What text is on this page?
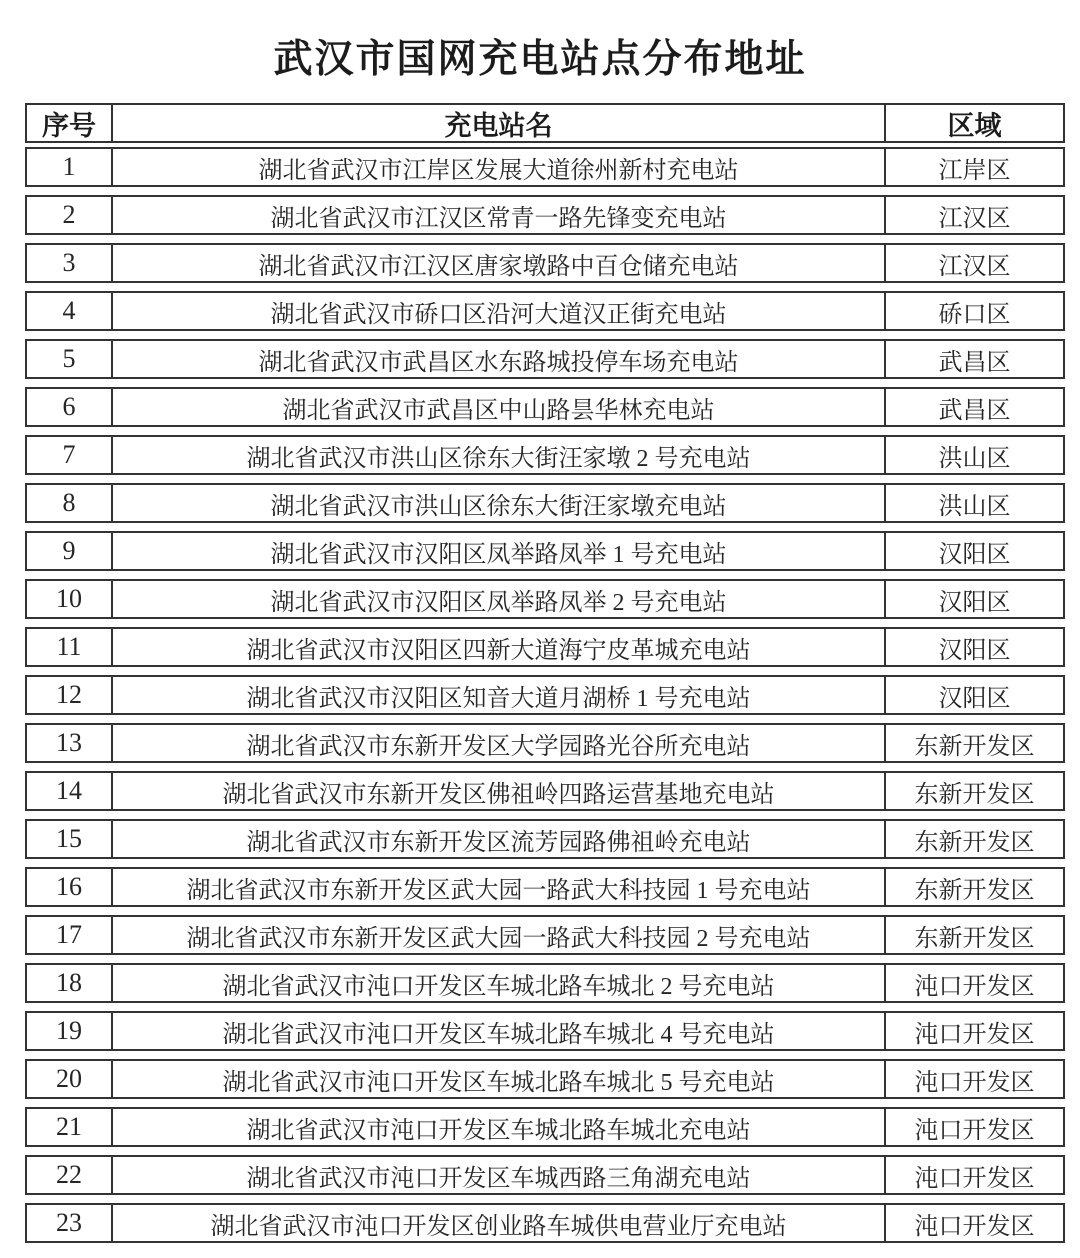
武汉市国网充电站点分布地址
序号	充电站名	区域
1	湖北省武汉市江岸区发展大道徐州新村充电站	江岸区
2	湖北省武汉市江汉区常青一路先锋变充电站	江汉区
3	湖北省武汉市江汉区唐家墩路中百仓储充电站	江汉区
4	湖北省武汉市硚口区沿河大道汉正街充电站	硚口区
5	湖北省武汉市武昌区水东路城投停车场充电站	武昌区
6	湖北省武汉市武昌区中山路昙华林充电站	武昌区
7	湖北省武汉市洪山区徐东大街汪家墩 2 号充电站	洪山区
8	湖北省武汉市洪山区徐东大街汪家墩充电站	洪山区
9	湖北省武汉市汉阳区凤举路凤举 1 号充电站	汉阳区
10	湖北省武汉市汉阳区凤举路凤举 2 号充电站	汉阳区
11	湖北省武汉市汉阳区四新大道海宁皮革城充电站	汉阳区
12	湖北省武汉市汉阳区知音大道月湖桥 1 号充电站	汉阳区
13	湖北省武汉市东新开发区大学园路光谷所充电站	东新开发区
14	湖北省武汉市东新开发区佛祖岭四路运营基地充电站	东新开发区
15	湖北省武汉市东新开发区流芳园路佛祖岭充电站	东新开发区
16	湖北省武汉市东新开发区武大园一路武大科技园 1 号充电站	东新开发区
17	湖北省武汉市东新开发区武大园一路武大科技园 2 号充电站	东新开发区
18	湖北省武汉市沌口开发区车城北路车城北 2 号充电站	沌口开发区
19	湖北省武汉市沌口开发区车城北路车城北 4 号充电站	沌口开发区
20	湖北省武汉市沌口开发区车城北路车城北 5 号充电站	沌口开发区
21	湖北省武汉市沌口开发区车城北路车城北充电站	沌口开发区
22	湖北省武汉市沌口开发区车城西路三角湖充电站	沌口开发区
23	湖北省武汉市沌口开发区创业路车城供电营业厅充电站	沌口开发区
